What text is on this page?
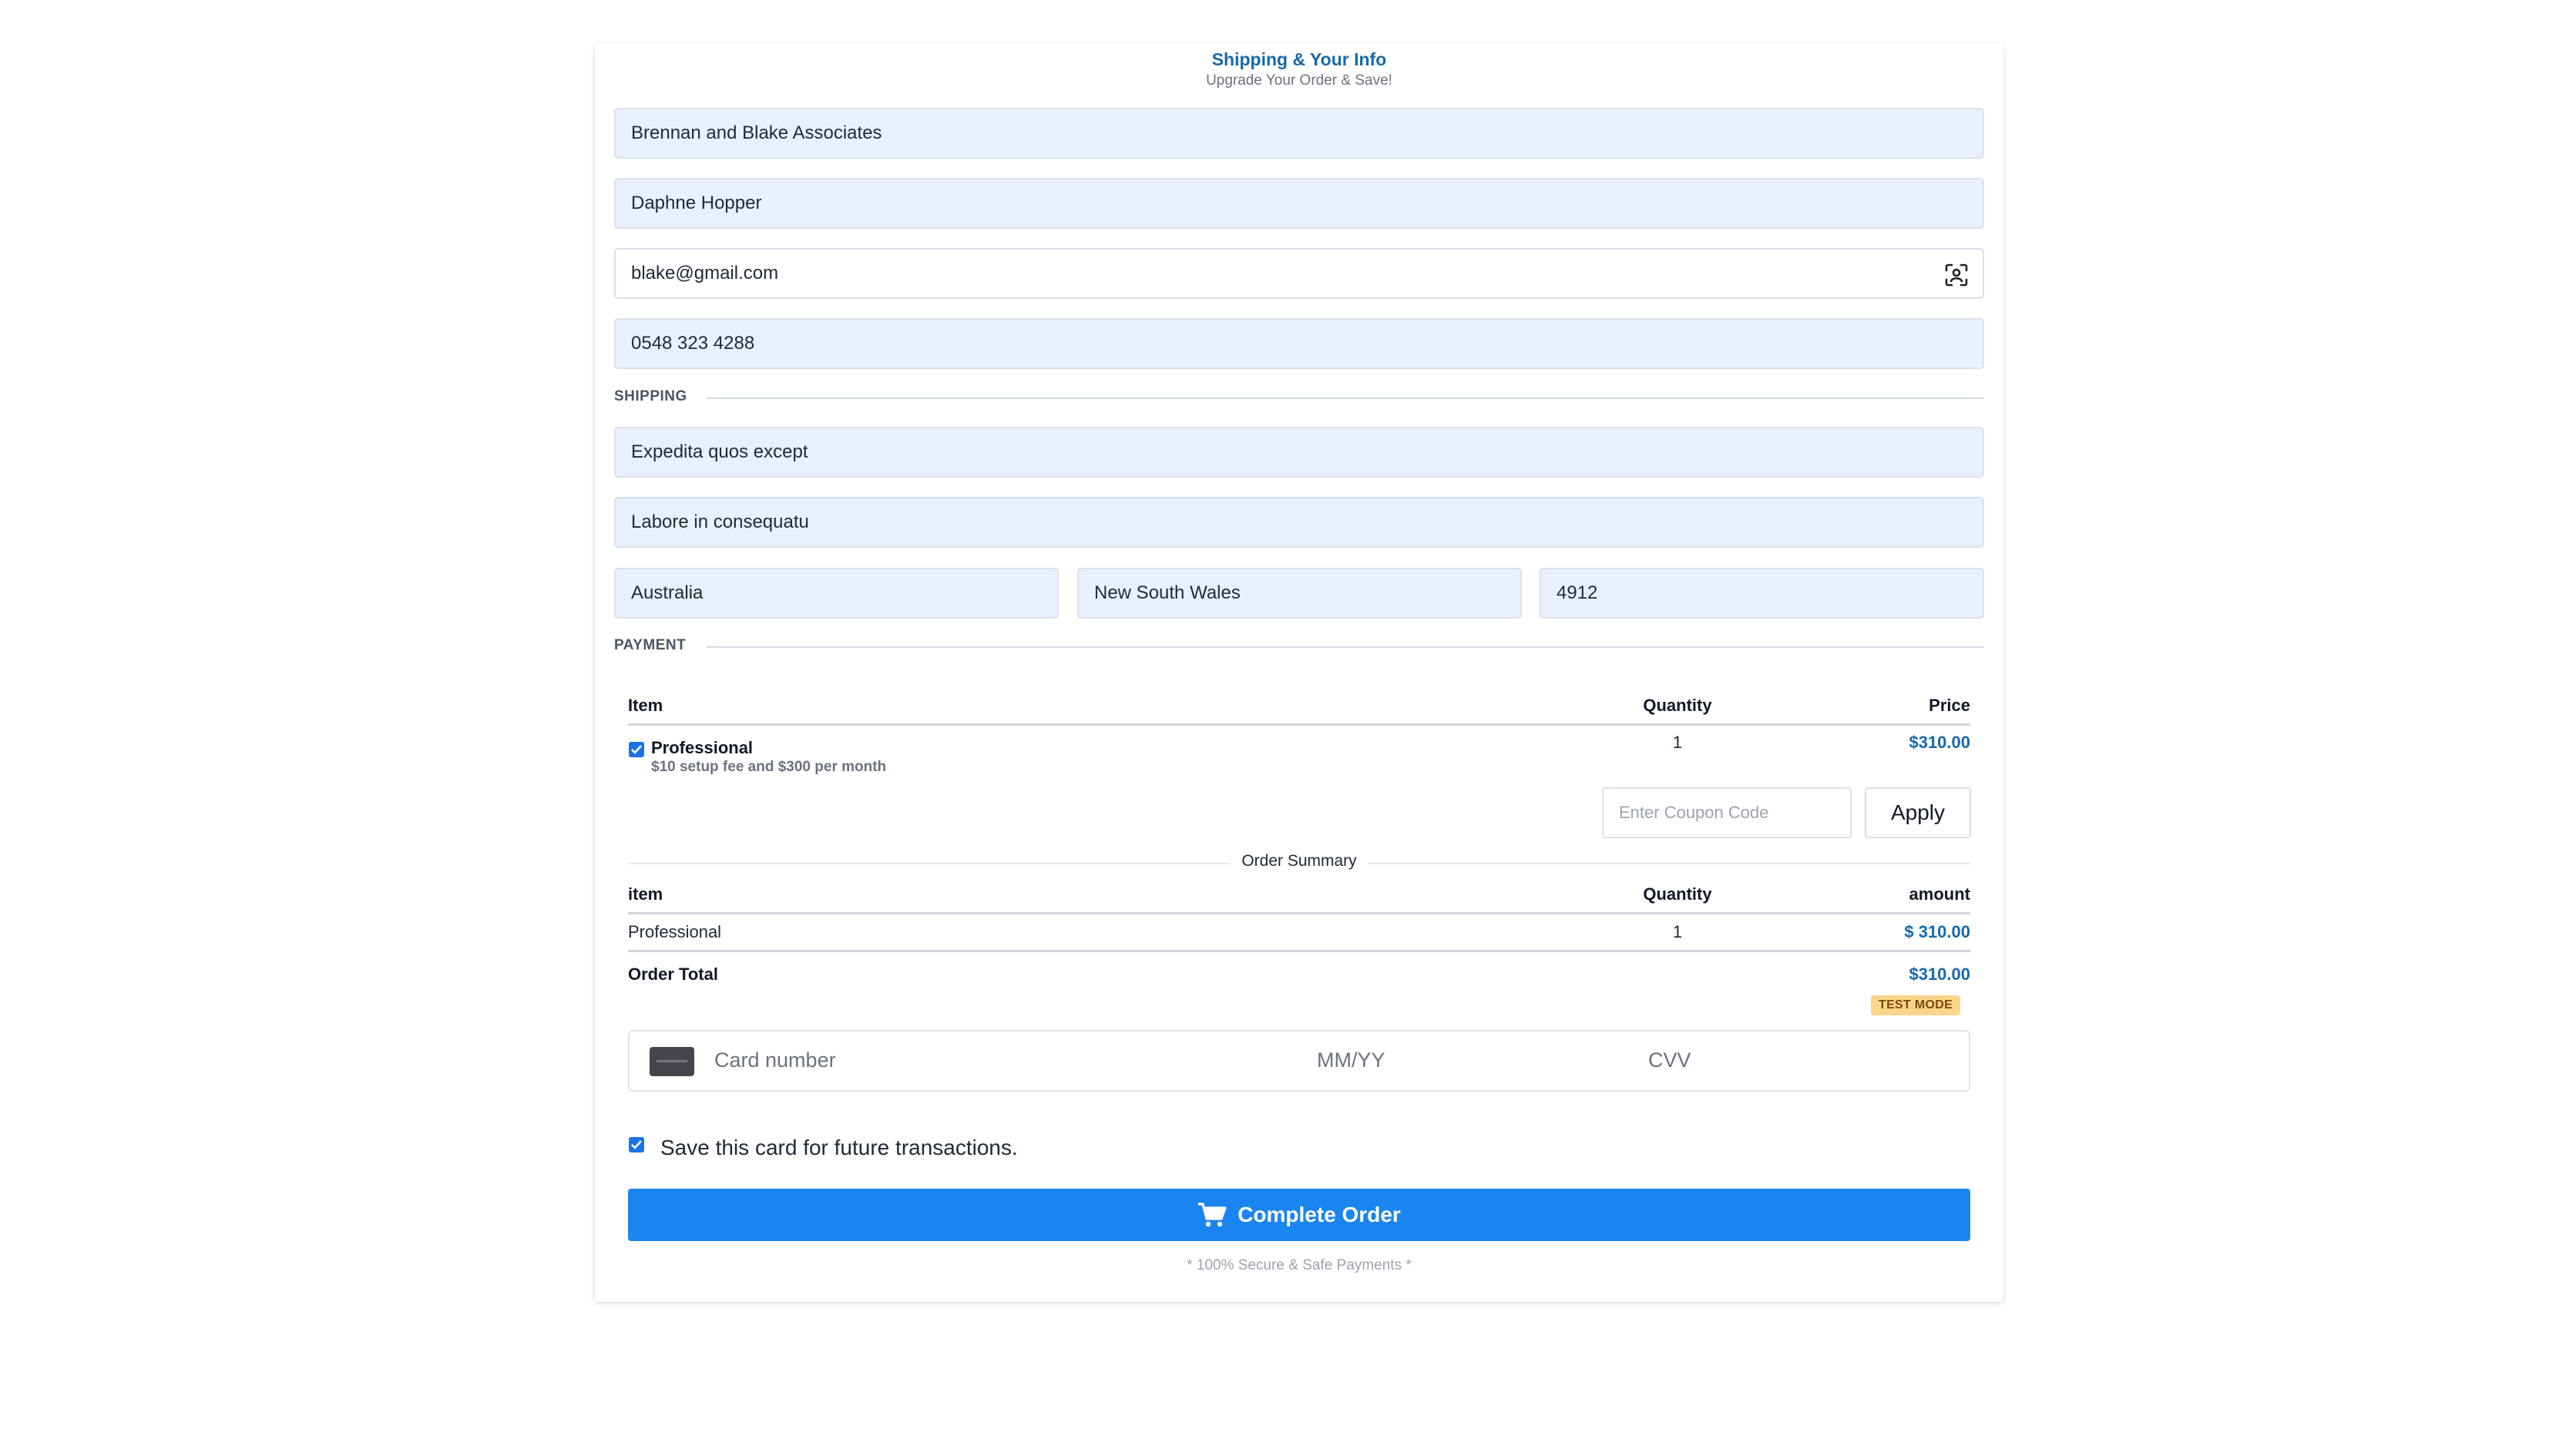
Shipping & Your Info
Upgrade Your Order & Save!
Brennan and Blake Associates
Daphne Hopper
blake@gmail.com
0548 323 4288
SHIPPING
Expedita quos except
Labore in consequatu
Australia	New South Wales	4912
PAYMENT
Item	Quantity	Price
Professional
$10 setup fee and $300 per month
1	$310.00
Enter Coupon Code	Apply
Order Summary
item	Quantity	amount
Professional	1	$ 310.00
Order Total	$310.00
TEST MODE
Card number	MM/YY	CVV
Save this card for future transactions.
Complete Order
* 100% Secure & Safe Payments *
